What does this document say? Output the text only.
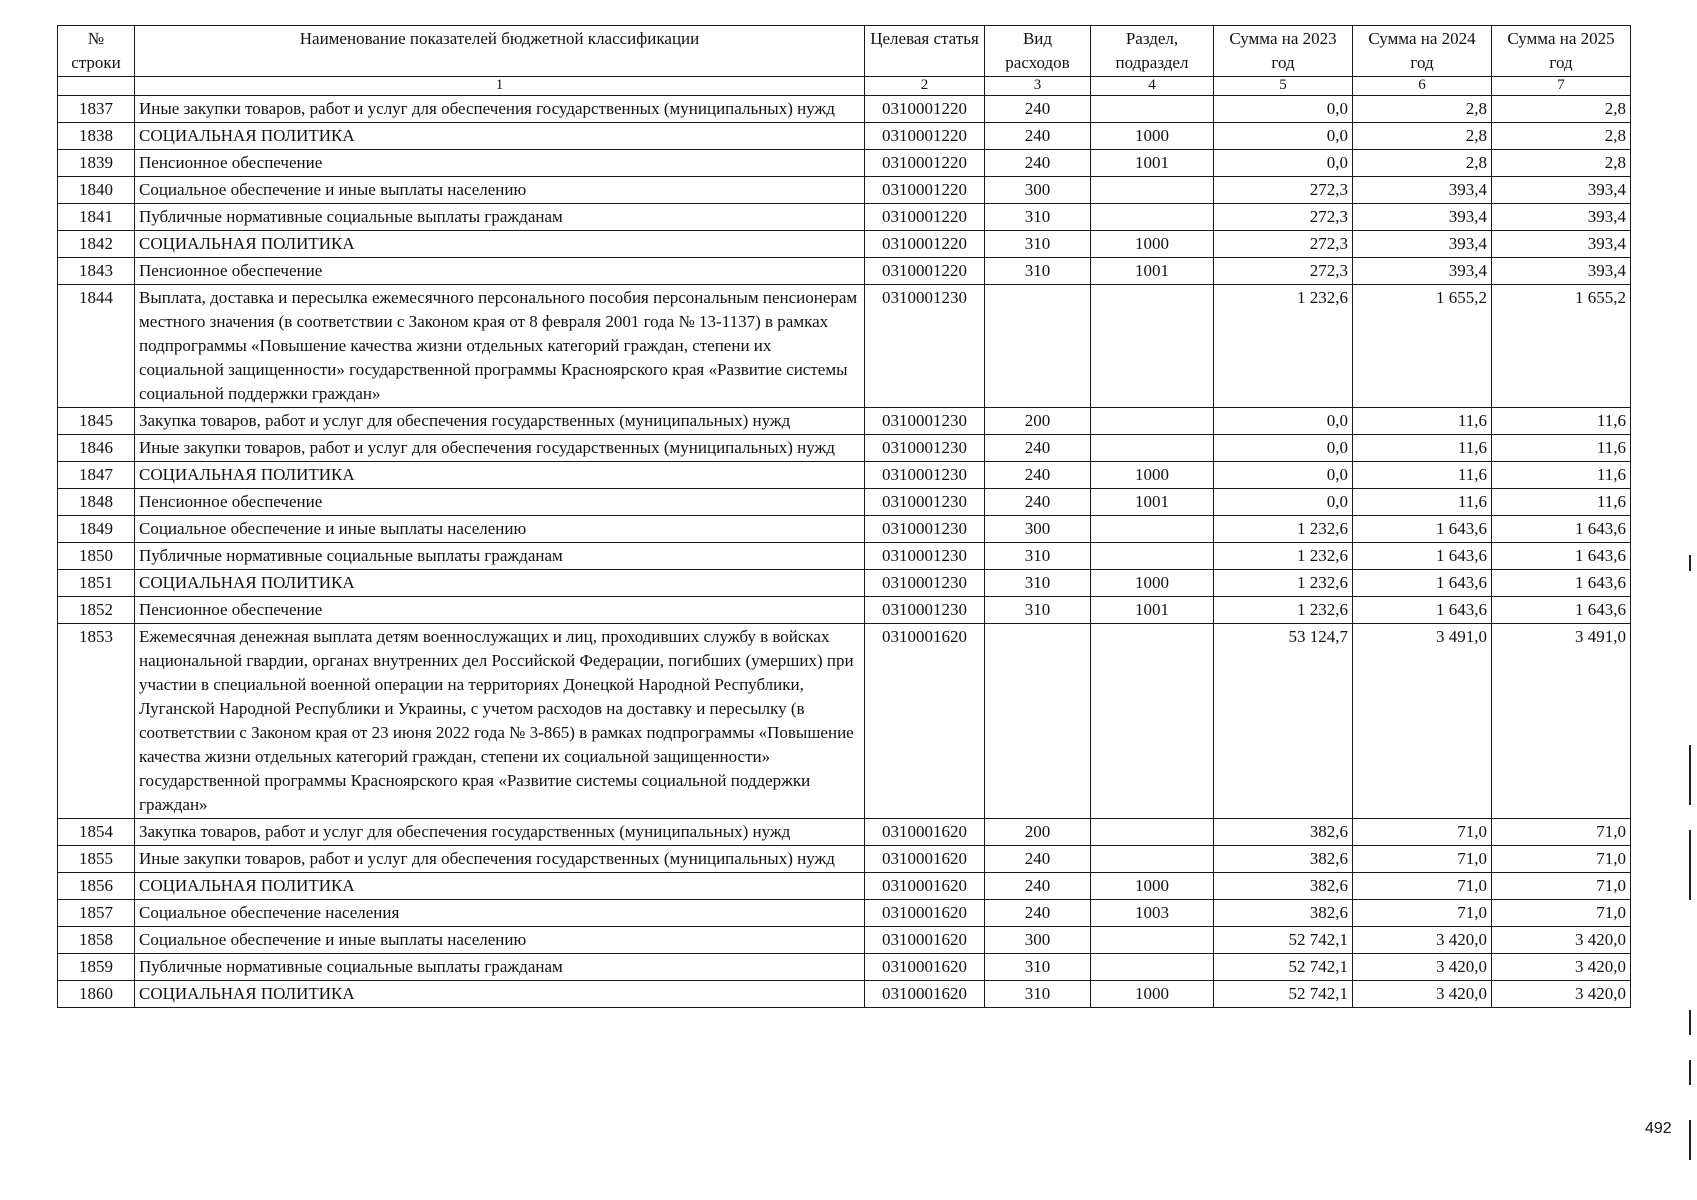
№ строки	Наименование показателей бюджетной классификации	Целевая статья	Вид расходов	Раздел, подраздел	Сумма на 2023 год	Сумма на 2024 год	Сумма на 2025 год
	1	2	3	4	5	6	7
1837	Иные закупки товаров, работ и услуг для обеспечения государственных (муниципальных) нужд	0310001220	240		0,0	2,8	2,8
1838	СОЦИАЛЬНАЯ ПОЛИТИКА	0310001220	240	1000	0,0	2,8	2,8
1839	Пенсионное обеспечение	0310001220	240	1001	0,0	2,8	2,8
1840	Социальное обеспечение и иные выплаты населению	0310001220	300		272,3	393,4	393,4
1841	Публичные нормативные социальные выплаты гражданам	0310001220	310		272,3	393,4	393,4
1842	СОЦИАЛЬНАЯ ПОЛИТИКА	0310001220	310	1000	272,3	393,4	393,4
1843	Пенсионное обеспечение	0310001220	310	1001	272,3	393,4	393,4
1844	Выплата, доставка и пересылка ежемесячного персонального пособия персональным пенсионерам местного значения (в соответствии с Законом края от 8 февраля 2001 года № 13-1137) в рамках подпрограммы «Повышение качества жизни отдельных категорий граждан, степени их социальной защищенности» государственной программы Красноярского края «Развитие системы социальной поддержки граждан»	0310001230			1 232,6	1 655,2	1 655,2
1845	Закупка товаров, работ и услуг для обеспечения государственных (муниципальных) нужд	0310001230	200		0,0	11,6	11,6
1846	Иные закупки товаров, работ и услуг для обеспечения государственных (муниципальных) нужд	0310001230	240		0,0	11,6	11,6
1847	СОЦИАЛЬНАЯ ПОЛИТИКА	0310001230	240	1000	0,0	11,6	11,6
1848	Пенсионное обеспечение	0310001230	240	1001	0,0	11,6	11,6
1849	Социальное обеспечение и иные выплаты населению	0310001230	300		1 232,6	1 643,6	1 643,6
1850	Публичные нормативные социальные выплаты гражданам	0310001230	310		1 232,6	1 643,6	1 643,6
1851	СОЦИАЛЬНАЯ ПОЛИТИКА	0310001230	310	1000	1 232,6	1 643,6	1 643,6
1852	Пенсионное обеспечение	0310001230	310	1001	1 232,6	1 643,6	1 643,6
1853	Ежемесячная денежная выплата детям военнослужащих и лиц, проходивших службу в войсках национальной гвардии, органах внутренних дел Российской Федерации, погибших (умерших) при участии в специальной военной операции на территориях Донецкой Народной Республики, Луганской Народной Республики и Украины, с учетом расходов на доставку и пересылку (в соответствии с Законом края от 23 июня 2022 года № 3-865) в рамках подпрограммы «Повышение качества жизни отдельных категорий граждан, степени их социальной защищенности» государственной программы Красноярского края «Развитие системы социальной поддержки граждан»	0310001620			53 124,7	3 491,0	3 491,0
1854	Закупка товаров, работ и услуг для обеспечения государственных (муниципальных) нужд	0310001620	200		382,6	71,0	71,0
1855	Иные закупки товаров, работ и услуг для обеспечения государственных (муниципальных) нужд	0310001620	240		382,6	71,0	71,0
1856	СОЦИАЛЬНАЯ ПОЛИТИКА	0310001620	240	1000	382,6	71,0	71,0
1857	Социальное обеспечение населения	0310001620	240	1003	382,6	71,0	71,0
1858	Социальное обеспечение и иные выплаты населению	0310001620	300		52 742,1	3 420,0	3 420,0
1859	Публичные нормативные социальные выплаты гражданам	0310001620	310		52 742,1	3 420,0	3 420,0
1860	СОЦИАЛЬНАЯ ПОЛИТИКА	0310001620	310	1000	52 742,1	3 420,0	3 420,0
492
